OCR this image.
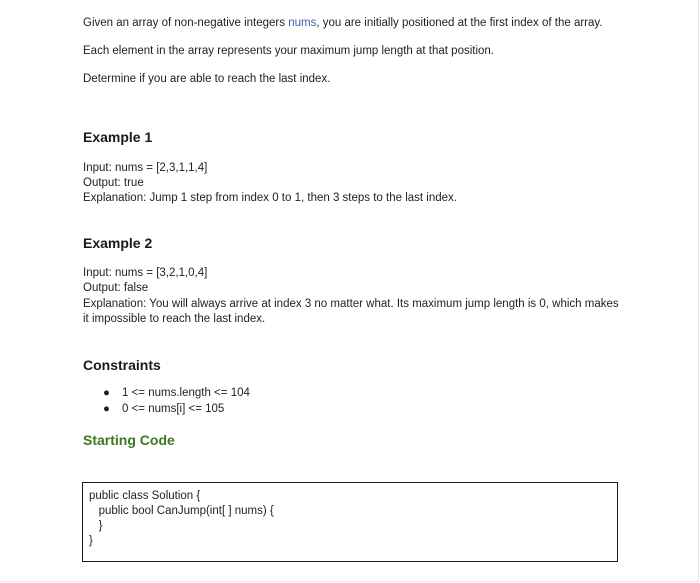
Given an array of non-negative integers nums, you are initially positioned at the first index of the array.
Each element in the array represents your maximum jump length at that position.
Determine if you are able to reach the last index.
Example 1
Input: nums = [2,3,1,1,4]
Output: true
Explanation: Jump 1 step from index 0 to 1, then 3 steps to the last index.
Example 2
Input: nums = [3,2,1,0,4]
Output: false
Explanation: You will always arrive at index 3 no matter what. Its maximum jump length is 0, which makes it impossible to reach the last index.
Constraints
● 1 <= nums.length <= 104
● 0 <= nums[i] <= 105
Starting Code
public class Solution {
public bool CanJump(int[ ] nums) {
}
}
